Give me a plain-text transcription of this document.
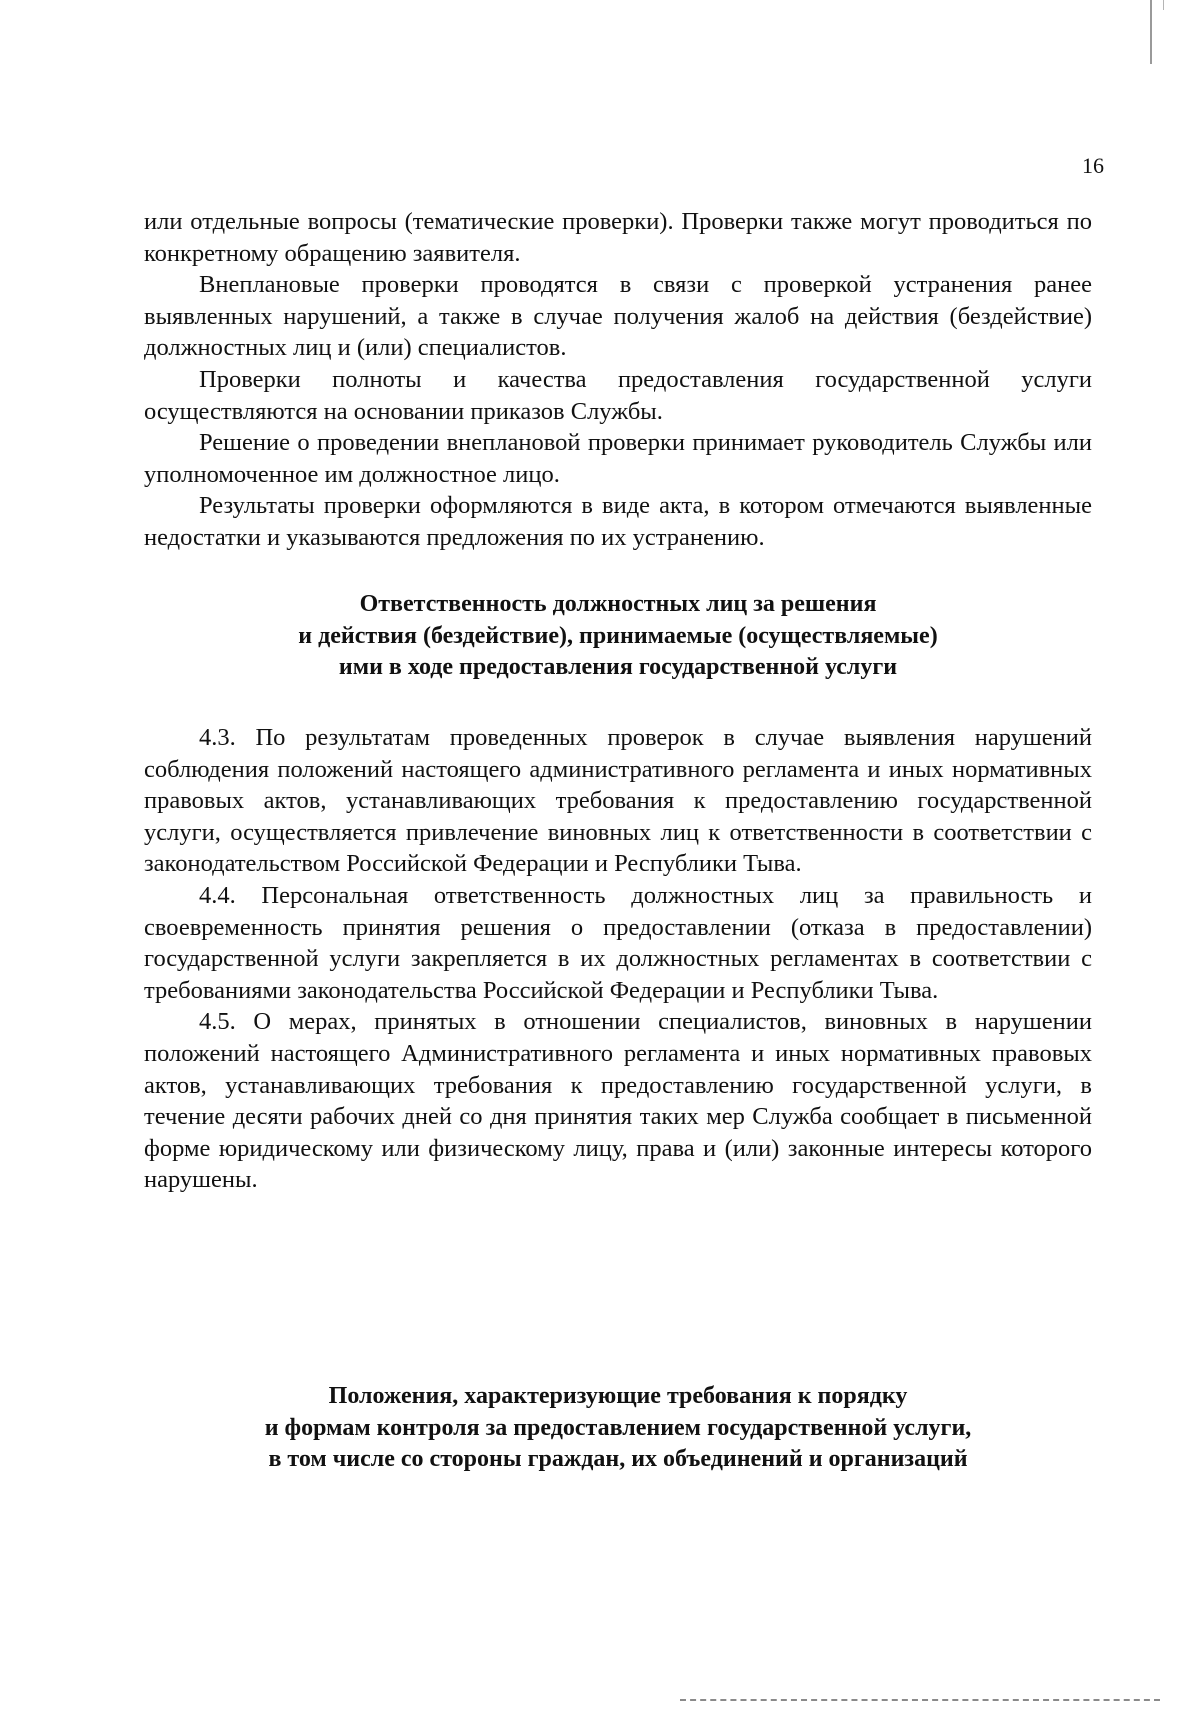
16

или отдельные вопросы (тематические проверки). Проверки также могут проводиться по конкретному обращению заявителя.

Внеплановые проверки проводятся в связи с проверкой устранения ранее выявленных нарушений, а также в случае получения жалоб на действия (бездействие) должностных лиц и (или) специалистов.

Проверки полноты и качества предоставления государственной услуги осуществляются на основании приказов Службы.

Решение о проведении внеплановой проверки принимает руководитель Службы или уполномоченное им должностное лицо.

Результаты проверки оформляются в виде акта, в котором отмечаются выявленные недостатки и указываются предложения по их устранению.

Ответственность должностных лиц за решения
и действия (бездействие), принимаемые (осуществляемые)
ими в ходе предоставления государственной услуги

4.3. По результатам проведенных проверок в случае выявления нарушений соблюдения положений настоящего административного регламента и иных нормативных правовых актов, устанавливающих требования к предоставлению государственной услуги, осуществляется привлечение виновных лиц к ответственности в соответствии с законодательством Российской Федерации и Республики Тыва.

4.4. Персональная ответственность должностных лиц за правильность и своевременность принятия решения о предоставлении (отказа в предоставлении) государственной услуги закрепляется в их должностных регламентах в соответствии с требованиями законодательства Российской Федерации и Республики Тыва.

4.5. О мерах, принятых в отношении специалистов, виновных в нарушении положений настоящего Административного регламента и иных нормативных правовых актов, устанавливающих требования к предоставлению государственной услуги, в течение десяти рабочих дней со дня принятия таких мер Служба сообщает в письменной форме юридическому или физическому лицу, права и (или) законные интересы которого нарушены.

Положения, характеризующие требования к порядку
и формам контроля за предоставлением государственной услуги,
в том числе со стороны граждан, их объединений и организаций
